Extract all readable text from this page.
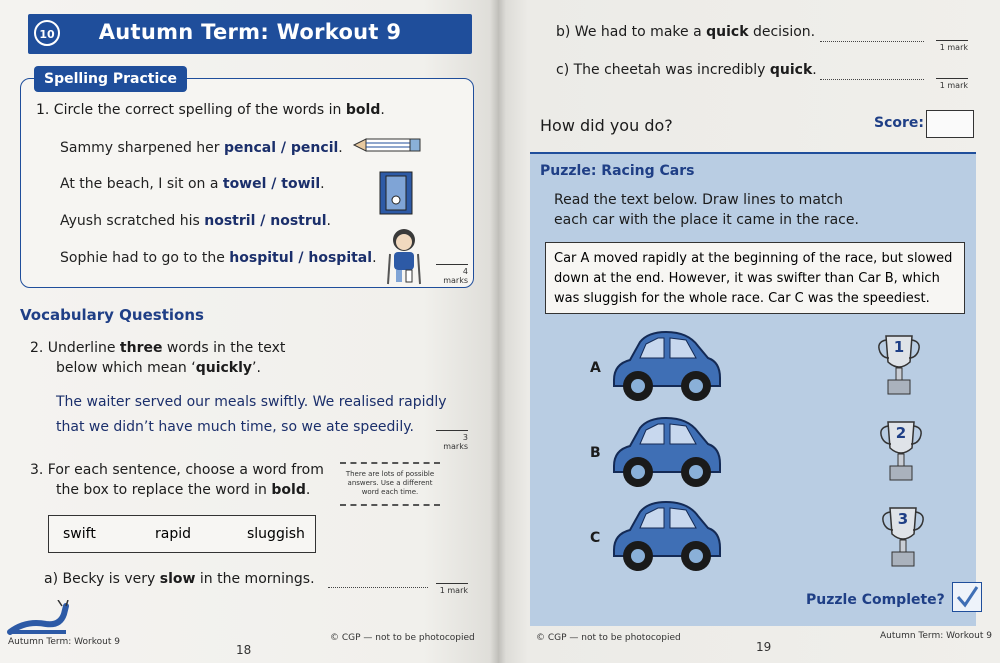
10	Autumn Term: Workout 9
Spelling Practice
1. Circle the correct spelling of the words in bold.
Sammy sharpened her pencal / pencil.
At the beach, I sit on a towel / towil.
Ayush scratched his nostril / nostrul.
Sophie had to go to the hospitul / hospital.
4 marks
Vocabulary Questions
2. Underline three words in the text
below which mean ‘quickly’.
The waiter served our meals swiftly. We realised rapidly
that we didn’t have much time, so we ate speedily.
3 marks
3. For each sentence, choose a word from
the box to replace the word in bold.
There are lots of possible
answers. Use a different
word each time.
swift	rapid	sluggish
a) Becky is very slow in the mornings.
1 mark
Autumn Term: Workout 9
18
© CGP — not to be photocopied
b) We had to make a quick decision.
1 mark
c) The cheetah was incredibly quick.
1 mark
How did you do?	Score:
Puzzle: Racing Cars
Read the text below. Draw lines to match
each car with the place it came in the race.
Car A moved rapidly at the beginning of the race, but slowed
down at the end. However, it was swifter than Car B, which
was sluggish for the whole race. Car C was the speediest.
A
B
C
1
2
3
Puzzle Complete?
© CGP — not to be photocopied
19
Autumn Term: Workout 9
